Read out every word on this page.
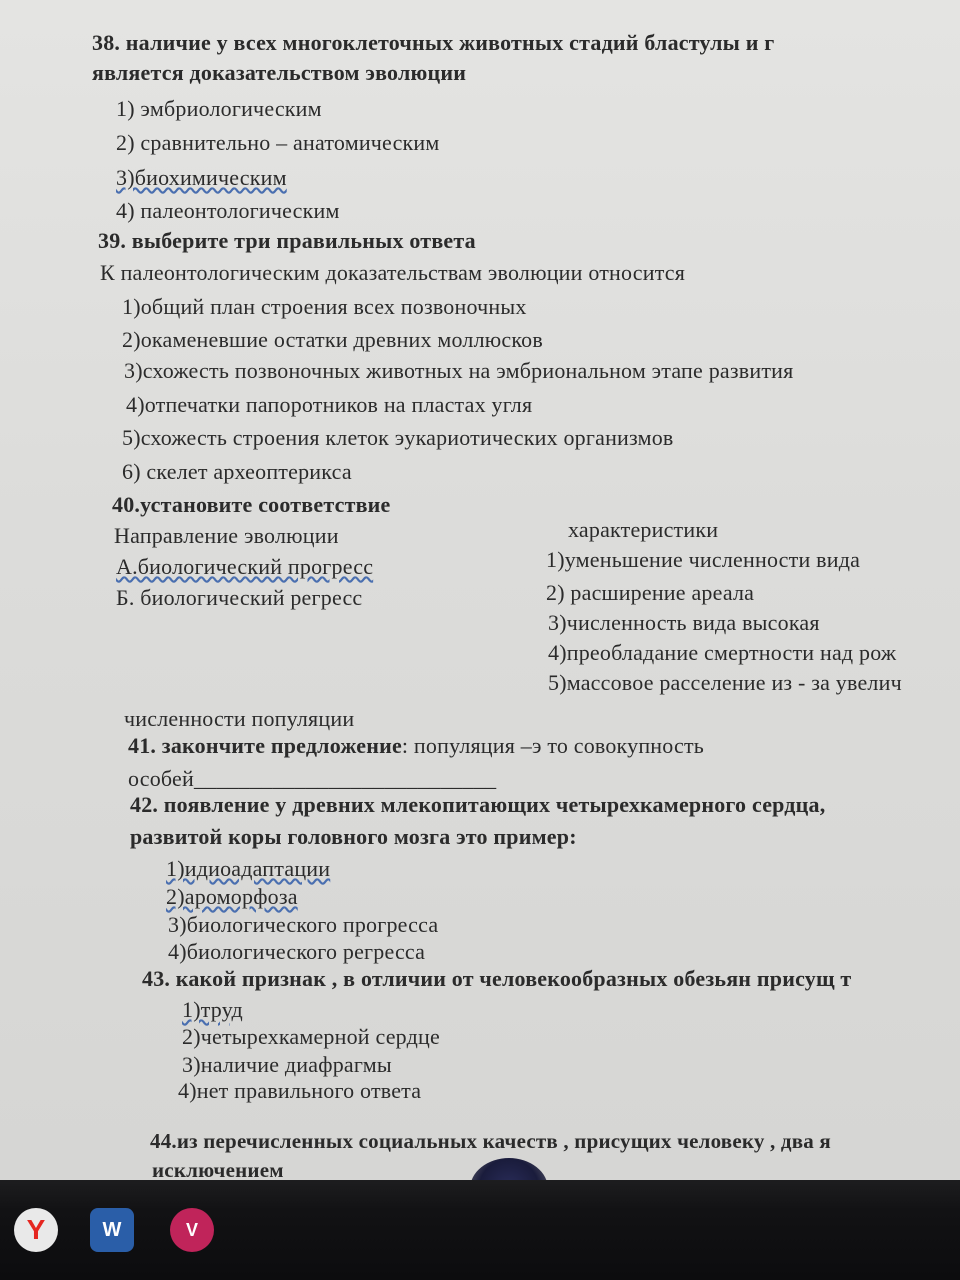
38. наличие у всех многоклеточных животных стадий бластулы и г
является доказательством эволюции
1) эмбриологическим
2) сравнительно – анатомическим
3)биохимическим
4) палеонтологическим
39. выберите три правильных ответа
К палеонтологическим доказательствам эволюции относится
1)общий план строения всех позвоночных
2)окаменевшие остатки древних моллюсков
3)схожесть позвоночных животных на эмбриональном этапе развития
4)отпечатки папоротников на пластах угля
5)схожесть строения клеток эукариотических организмов
6) скелет археоптерикса
40.установите соответствие
Направление эволюции	характеристики
А.биологический прогресс
Б. биологический регресс
1)уменьшение численности вида
2) расширение ареала
3)численность вида высокая
4)преобладание смертности над рож
5)массовое расселение из - за увелич
численности популяции
41. закончите предложение: популяция –э то совокупность
особей___________________________
42. появление у древних млекопитающих четырехкамерного сердца,
развитой коры головного мозга это пример:
1)идиоадаптации
2)ароморфоза
3)биологического прогресса
4)биологического регресса
43. какой признак , в отличии от человекообразных обезьян присущ т
1)труд
2)четырехкамерной сердце
3)наличие диафрагмы
4)нет правильного ответа
44.из перечисленных социальных качеств , присущих человеку , два я
исключением
Y	W	V
